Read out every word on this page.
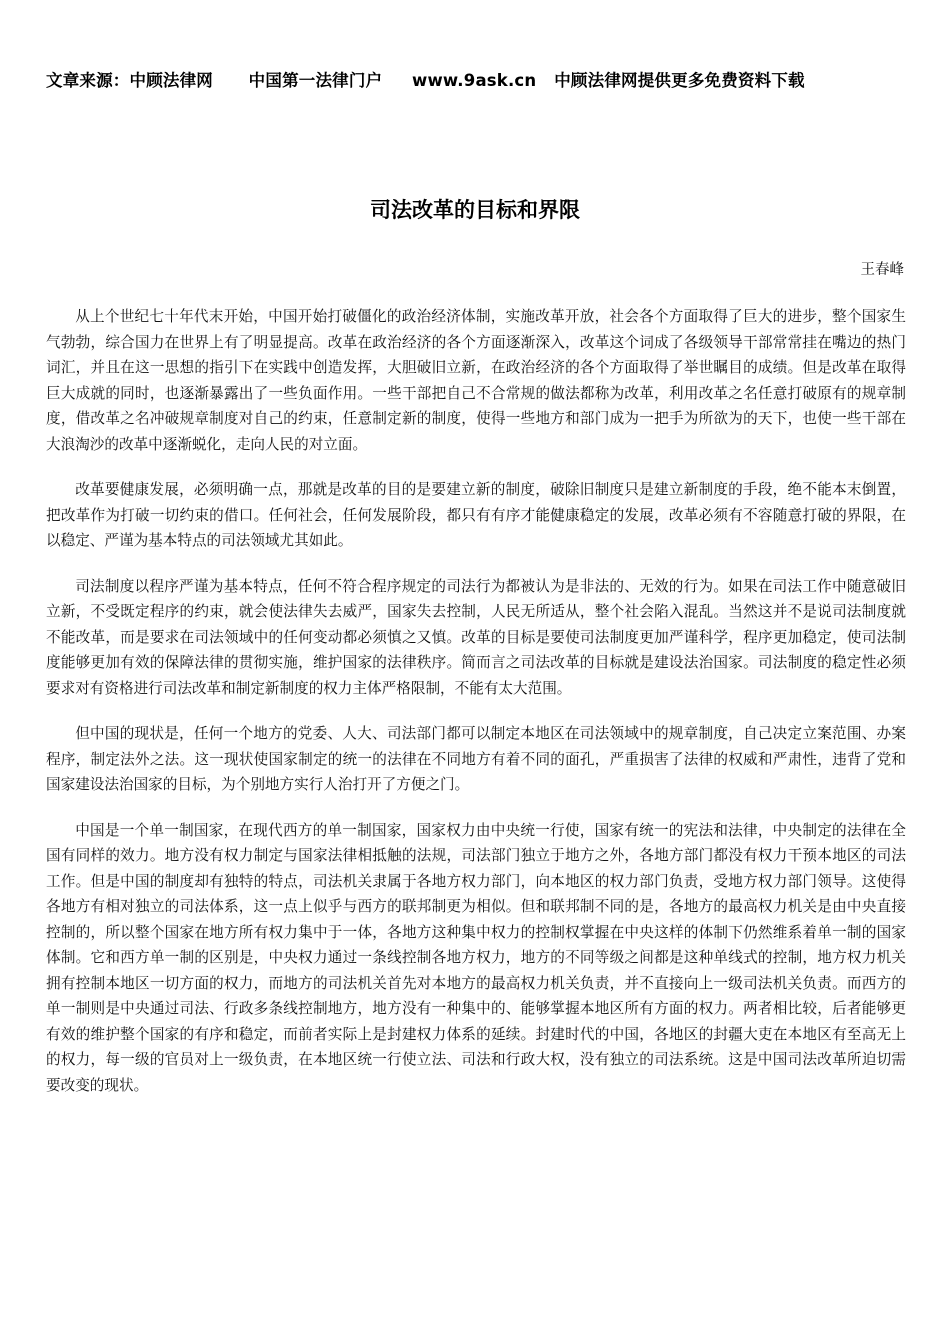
文章来源：中顾法律网 中国第一法律门户 www.9ask.cn 中顾法律网提供更多免费资料下载
司法改革的目标和界限
王春峰

从上个世纪七十年代末开始，中国开始打破僵化的政治经济体制，实施改革开放，社会各个方面取得了巨大的进步，整个国家生气勃勃，综合国力在世界上有了明显提高。改革在政治经济的各个方面逐渐深入，改革这个词成了各级领导干部常常挂在嘴边的热门词汇，并且在这一思想的指引下在实践中创造发挥，大胆破旧立新，在政治经济的各个方面取得了举世瞩目的成绩。但是改革在取得巨大成就的同时，也逐渐暴露出了一些负面作用。一些干部把自己不合常规的做法都称为改革，利用改革之名任意打破原有的规章制度，借改革之名冲破规章制度对自己的约束，任意制定新的制度，使得一些地方和部门成为一把手为所欲为的天下，也使一些干部在大浪淘沙的改革中逐渐蜕化，走向人民的对立面。

改革要健康发展，必须明确一点，那就是改革的目的是要建立新的制度，破除旧制度只是建立新制度的手段，绝不能本末倒置，把改革作为打破一切约束的借口。任何社会，任何发展阶段，都只有有序才能健康稳定的发展，改革必须有不容随意打破的界限，在以稳定、严谨为基本特点的司法领域尤其如此。

司法制度以程序严谨为基本特点，任何不符合程序规定的司法行为都被认为是非法的、无效的行为。如果在司法工作中随意破旧立新，不受既定程序的约束，就会使法律失去威严，国家失去控制，人民无所适从，整个社会陷入混乱。当然这并不是说司法制度就不能改革，而是要求在司法领域中的任何变动都必须慎之又慎。改革的目标是要使司法制度更加严谨科学，程序更加稳定，使司法制度能够更加有效的保障法律的贯彻实施，维护国家的法律秩序。简而言之司法改革的目标就是建设法治国家。司法制度的稳定性必须要求对有资格进行司法改革和制定新制度的权力主体严格限制，不能有太大范围。

但中国的现状是，任何一个地方的党委、人大、司法部门都可以制定本地区在司法领域中的规章制度，自己决定立案范围、办案程序，制定法外之法。这一现状使国家制定的统一的法律在不同地方有着不同的面孔，严重损害了法律的权威和严肃性，违背了党和国家建设法治国家的目标，为个别地方实行人治打开了方便之门。

中国是一个单一制国家，在现代西方的单一制国家，国家权力由中央统一行使，国家有统一的宪法和法律，中央制定的法律在全国有同样的效力。地方没有权力制定与国家法律相抵触的法规，司法部门独立于地方之外，各地方部门都没有权力干预本地区的司法工作。但是中国的制度却有独特的特点，司法机关隶属于各地方权力部门，向本地区的权力部门负责，受地方权力部门领导。这使得各地方有相对独立的司法体系，这一点上似乎与西方的联邦制更为相似。但和联邦制不同的是，各地方的最高权力机关是由中央直接控制的，所以整个国家在地方所有权力集中于一体，各地方这种集中权力的控制权掌握在中央这样的体制下仍然维系着单一制的国家体制。它和西方单一制的区别是，中央权力通过一条线控制各地方权力，地方的不同等级之间都是这种单线式的控制，地方权力机关拥有控制本地区一切方面的权力，而地方的司法机关首先对本地方的最高权力机关负责，并不直接向上一级司法机关负责。而西方的单一制则是中央通过司法、行政多条线控制地方，地方没有一种集中的、能够掌握本地区所有方面的权力。两者相比较，后者能够更有效的维护整个国家的有序和稳定，而前者实际上是封建权力体系的延续。封建时代的中国，各地区的封疆大吏在本地区有至高无上的权力，每一级的官员对上一级负责，在本地区统一行使立法、司法和行政大权，没有独立的司法系统。这是中国司法改革所迫切需要改变的现状。
